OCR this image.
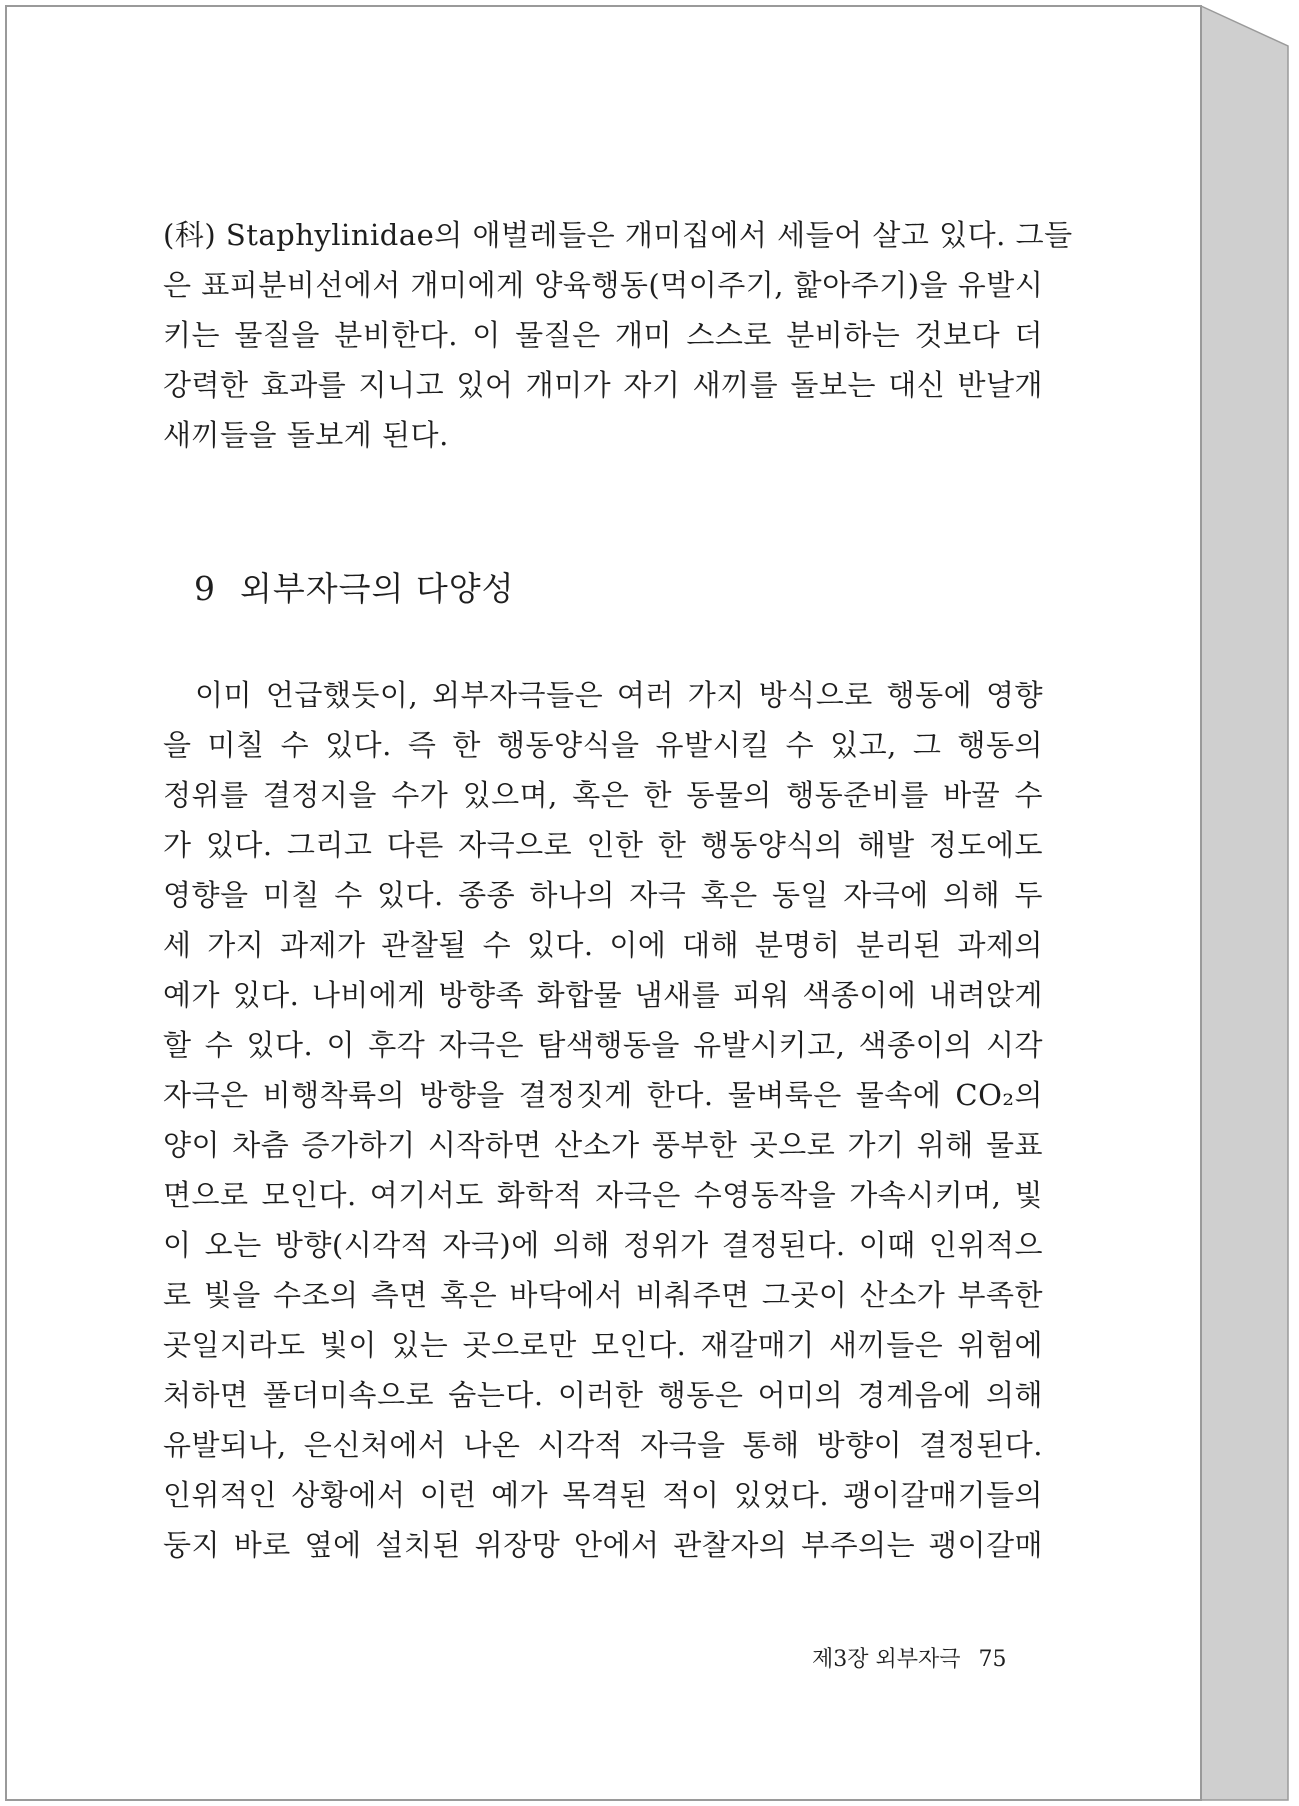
(科) Staphylinidae의 애벌레들은 개미집에서 세들어 살고 있다. 그들
은 표피분비선에서 개미에게 양육행동(먹이주기, 핥아주기)을 유발시
키는 물질을 분비한다. 이 물질은 개미 스스로 분비하는 것보다 더
강력한 효과를 지니고 있어 개미가 자기 새끼를 돌보는 대신 반날개
새끼들을 돌보게 된다.
9 외부자극의 다양성
이미 언급했듯이, 외부자극들은 여러 가지 방식으로 행동에 영향
을 미칠 수 있다. 즉 한 행동양식을 유발시킬 수 있고, 그 행동의
정위를 결정지을 수가 있으며, 혹은 한 동물의 행동준비를 바꿀 수
가 있다. 그리고 다른 자극으로 인한 한 행동양식의 해발 정도에도
영향을 미칠 수 있다. 종종 하나의 자극 혹은 동일 자극에 의해 두
세 가지 과제가 관찰될 수 있다. 이에 대해 분명히 분리된 과제의
예가 있다. 나비에게 방향족 화합물 냄새를 피워 색종이에 내려앉게
할 수 있다. 이 후각 자극은 탐색행동을 유발시키고, 색종이의 시각
자극은 비행착륙의 방향을 결정짓게 한다. 물벼룩은 물속에 CO₂의
양이 차츰 증가하기 시작하면 산소가 풍부한 곳으로 가기 위해 물표
면으로 모인다. 여기서도 화학적 자극은 수영동작을 가속시키며, 빛
이 오는 방향(시각적 자극)에 의해 정위가 결정된다. 이때 인위적으
로 빛을 수조의 측면 혹은 바닥에서 비춰주면 그곳이 산소가 부족한
곳일지라도 빛이 있는 곳으로만 모인다. 재갈매기 새끼들은 위험에
처하면 풀더미속으로 숨는다. 이러한 행동은 어미의 경계음에 의해
유발되나, 은신처에서 나온 시각적 자극을 통해 방향이 결정된다.
인위적인 상황에서 이런 예가 목격된 적이 있었다. 괭이갈매기들의
둥지 바로 옆에 설치된 위장망 안에서 관찰자의 부주의는 괭이갈매
제3장 외부자극 75
